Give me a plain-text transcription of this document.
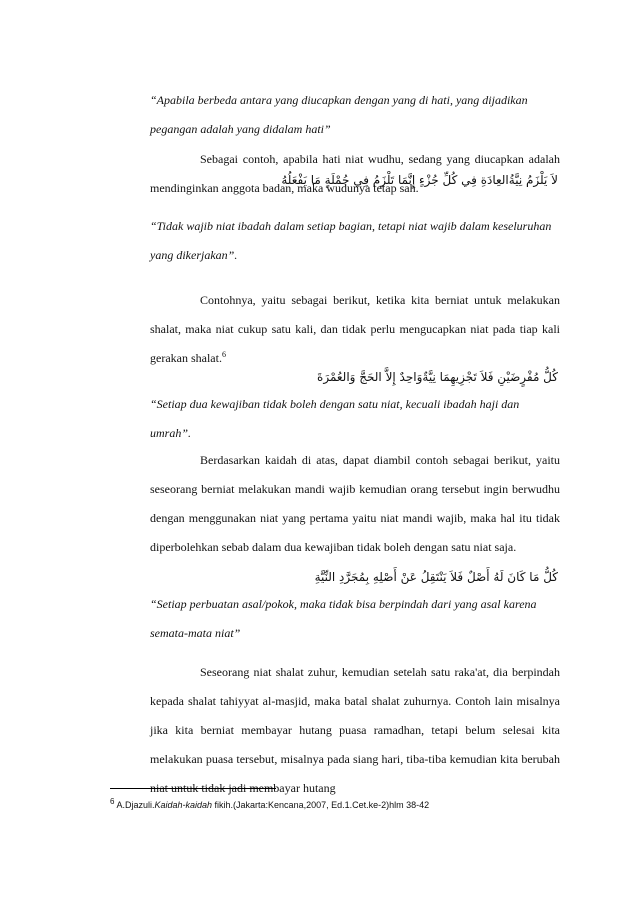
“Apabila berbeda antara yang diucapkan dengan yang di hati, yang dijadikan pegangan adalah yang didalam hati”
Sebagai contoh, apabila hati niat wudhu, sedang yang diucapkan adalah mendinginkan anggota badan, maka wudunya tetap sah.
لاَ يَلْزَمُ نِيَّةُالعِادَةِ فِي كُلِّ جُزْءٍ إِنَّمَا تَلْزَمُ فِي جُمْلَةٍ مَا يَفْعَلُهُ
“Tidak wajib niat ibadah dalam setiap bagian, tetapi niat wajib dalam keseluruhan yang dikerjakan”.
Contohnya, yaitu sebagai berikut, ketika kita berniat untuk melakukan shalat, maka niat cukup satu kali, dan tidak perlu mengucapkan niat pada tiap kali gerakan shalat.$^6$
كُلُّ مُفْرٍضَيْنِ فَلاَ تَجْزِيهِمَا نِيَّةٌوَاحِدٌ إِلاَّ الحَجَّ وَالعُمْرَةَ
“Setiap dua kewajiban tidak boleh dengan satu niat, kecuali ibadah haji dan umrah”.
Berdasarkan kaidah di atas, dapat diambil contoh sebagai berikut, yaitu seseorang berniat melakukan mandi wajib kemudian orang tersebut ingin berwudhu dengan menggunakan niat yang pertama yaitu niat mandi wajib, maka hal itu tidak diperbolehkan sebab dalam dua kewajiban tidak boleh dengan satu niat saja.
كُلُّ مَا كَانَ لَهُ أَصْلٌ فَلاَ يَنْتَقِلُ عَنْ أَصْلِهِ بِمُجَرَّدِ النِّيَّةِ
“Setiap perbuatan asal/pokok, maka tidak bisa berpindah dari yang asal karena semata-mata niat”
Seseorang niat shalat zuhur, kemudian setelah satu raka'at, dia berpindah kepada shalat tahiyyat al-masjid, maka batal shalat zuhurnya. Contoh lain misalnya jika kita berniat membayar hutang puasa ramadhan, tetapi belum selesai kita melakukan puasa tersebut, misalnya pada siang hari, tiba-tiba kemudian kita berubah niat untuk tidak jadi membayar hutang
$^6$ A.Djazuli.Kaidah-kaidah fikih.(Jakarta:Kencana,2007, Ed.1.Cet.ke-2)hlm 38-42
